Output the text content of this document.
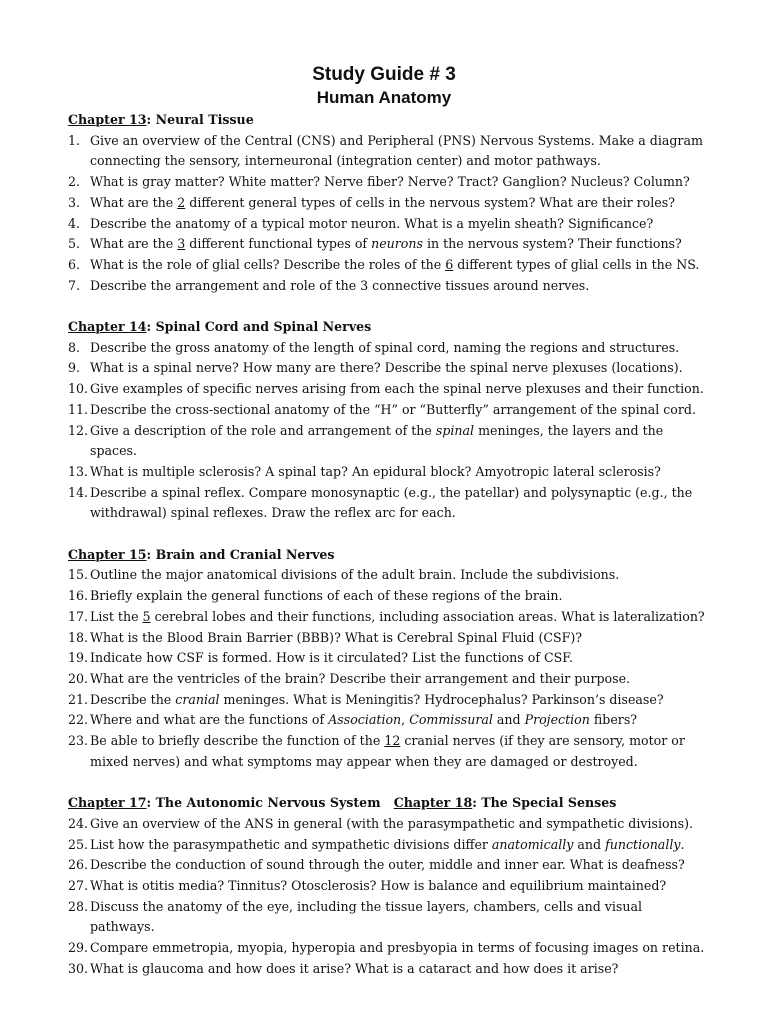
Study Guide # 3
Human Anatomy
Chapter 13: Neural Tissue
1. Give an overview of the Central (CNS) and Peripheral (PNS) Nervous Systems. Make a diagram connecting the sensory, interneuronal (integration center) and motor pathways.
2. What is gray matter? White matter? Nerve fiber? Nerve? Tract? Ganglion? Nucleus? Column?
3. What are the 2 different general types of cells in the nervous system? What are their roles?
4. Describe the anatomy of a typical motor neuron. What is a myelin sheath? Significance?
5. What are the 3 different functional types of neurons in the nervous system? Their functions?
6. What is the role of glial cells? Describe the roles of the 6 different types of glial cells in the NS.
7. Describe the arrangement and role of the 3 connective tissues around nerves.
Chapter 14: Spinal Cord and Spinal Nerves
8. Describe the gross anatomy of the length of spinal cord, naming the regions and structures.
9. What is a spinal nerve? How many are there? Describe the spinal nerve plexuses (locations).
10. Give examples of specific nerves arising from each the spinal nerve plexuses and their function.
11. Describe the cross-sectional anatomy of the “H” or “Butterfly” arrangement of the spinal cord.
12. Give a description of the role and arrangement of the spinal meninges, the layers and the spaces.
13. What is multiple sclerosis? A spinal tap? An epidural block? Amyotropic lateral sclerosis?
14. Describe a spinal reflex. Compare monosynaptic (e.g., the patellar) and polysynaptic (e.g., the withdrawal) spinal reflexes. Draw the reflex arc for each.
Chapter 15: Brain and Cranial Nerves
15. Outline the major anatomical divisions of the adult brain. Include the subdivisions.
16. Briefly explain the general functions of each of these regions of the brain.
17. List the 5 cerebral lobes and their functions, including association areas. What is lateralization?
18. What is the Blood Brain Barrier (BBB)? What is Cerebral Spinal Fluid (CSF)?
19. Indicate how CSF is formed. How is it circulated? List the functions of CSF.
20. What are the ventricles of the brain? Describe their arrangement and their purpose.
21. Describe the cranial meninges. What is Meningitis? Hydrocephalus? Parkinson’s disease?
22. Where and what are the functions of Association, Commissural and Projection fibers?
23. Be able to briefly describe the function of the 12 cranial nerves (if they are sensory, motor or mixed nerves) and what symptoms may appear when they are damaged or destroyed.
Chapter 17: The Autonomic Nervous System Chapter 18: The Special Senses
24. Give an overview of the ANS in general (with the parasympathetic and sympathetic divisions).
25. List how the parasympathetic and sympathetic divisions differ anatomically and functionally.
26. Describe the conduction of sound through the outer, middle and inner ear. What is deafness?
27. What is otitis media? Tinnitus? Otosclerosis? How is balance and equilibrium maintained?
28. Discuss the anatomy of the eye, including the tissue layers, chambers, cells and visual pathways.
29. Compare emmetropia, myopia, hyperopia and presbyopia in terms of focusing images on retina.
30. What is glaucoma and how does it arise? What is a cataract and how does it arise?
